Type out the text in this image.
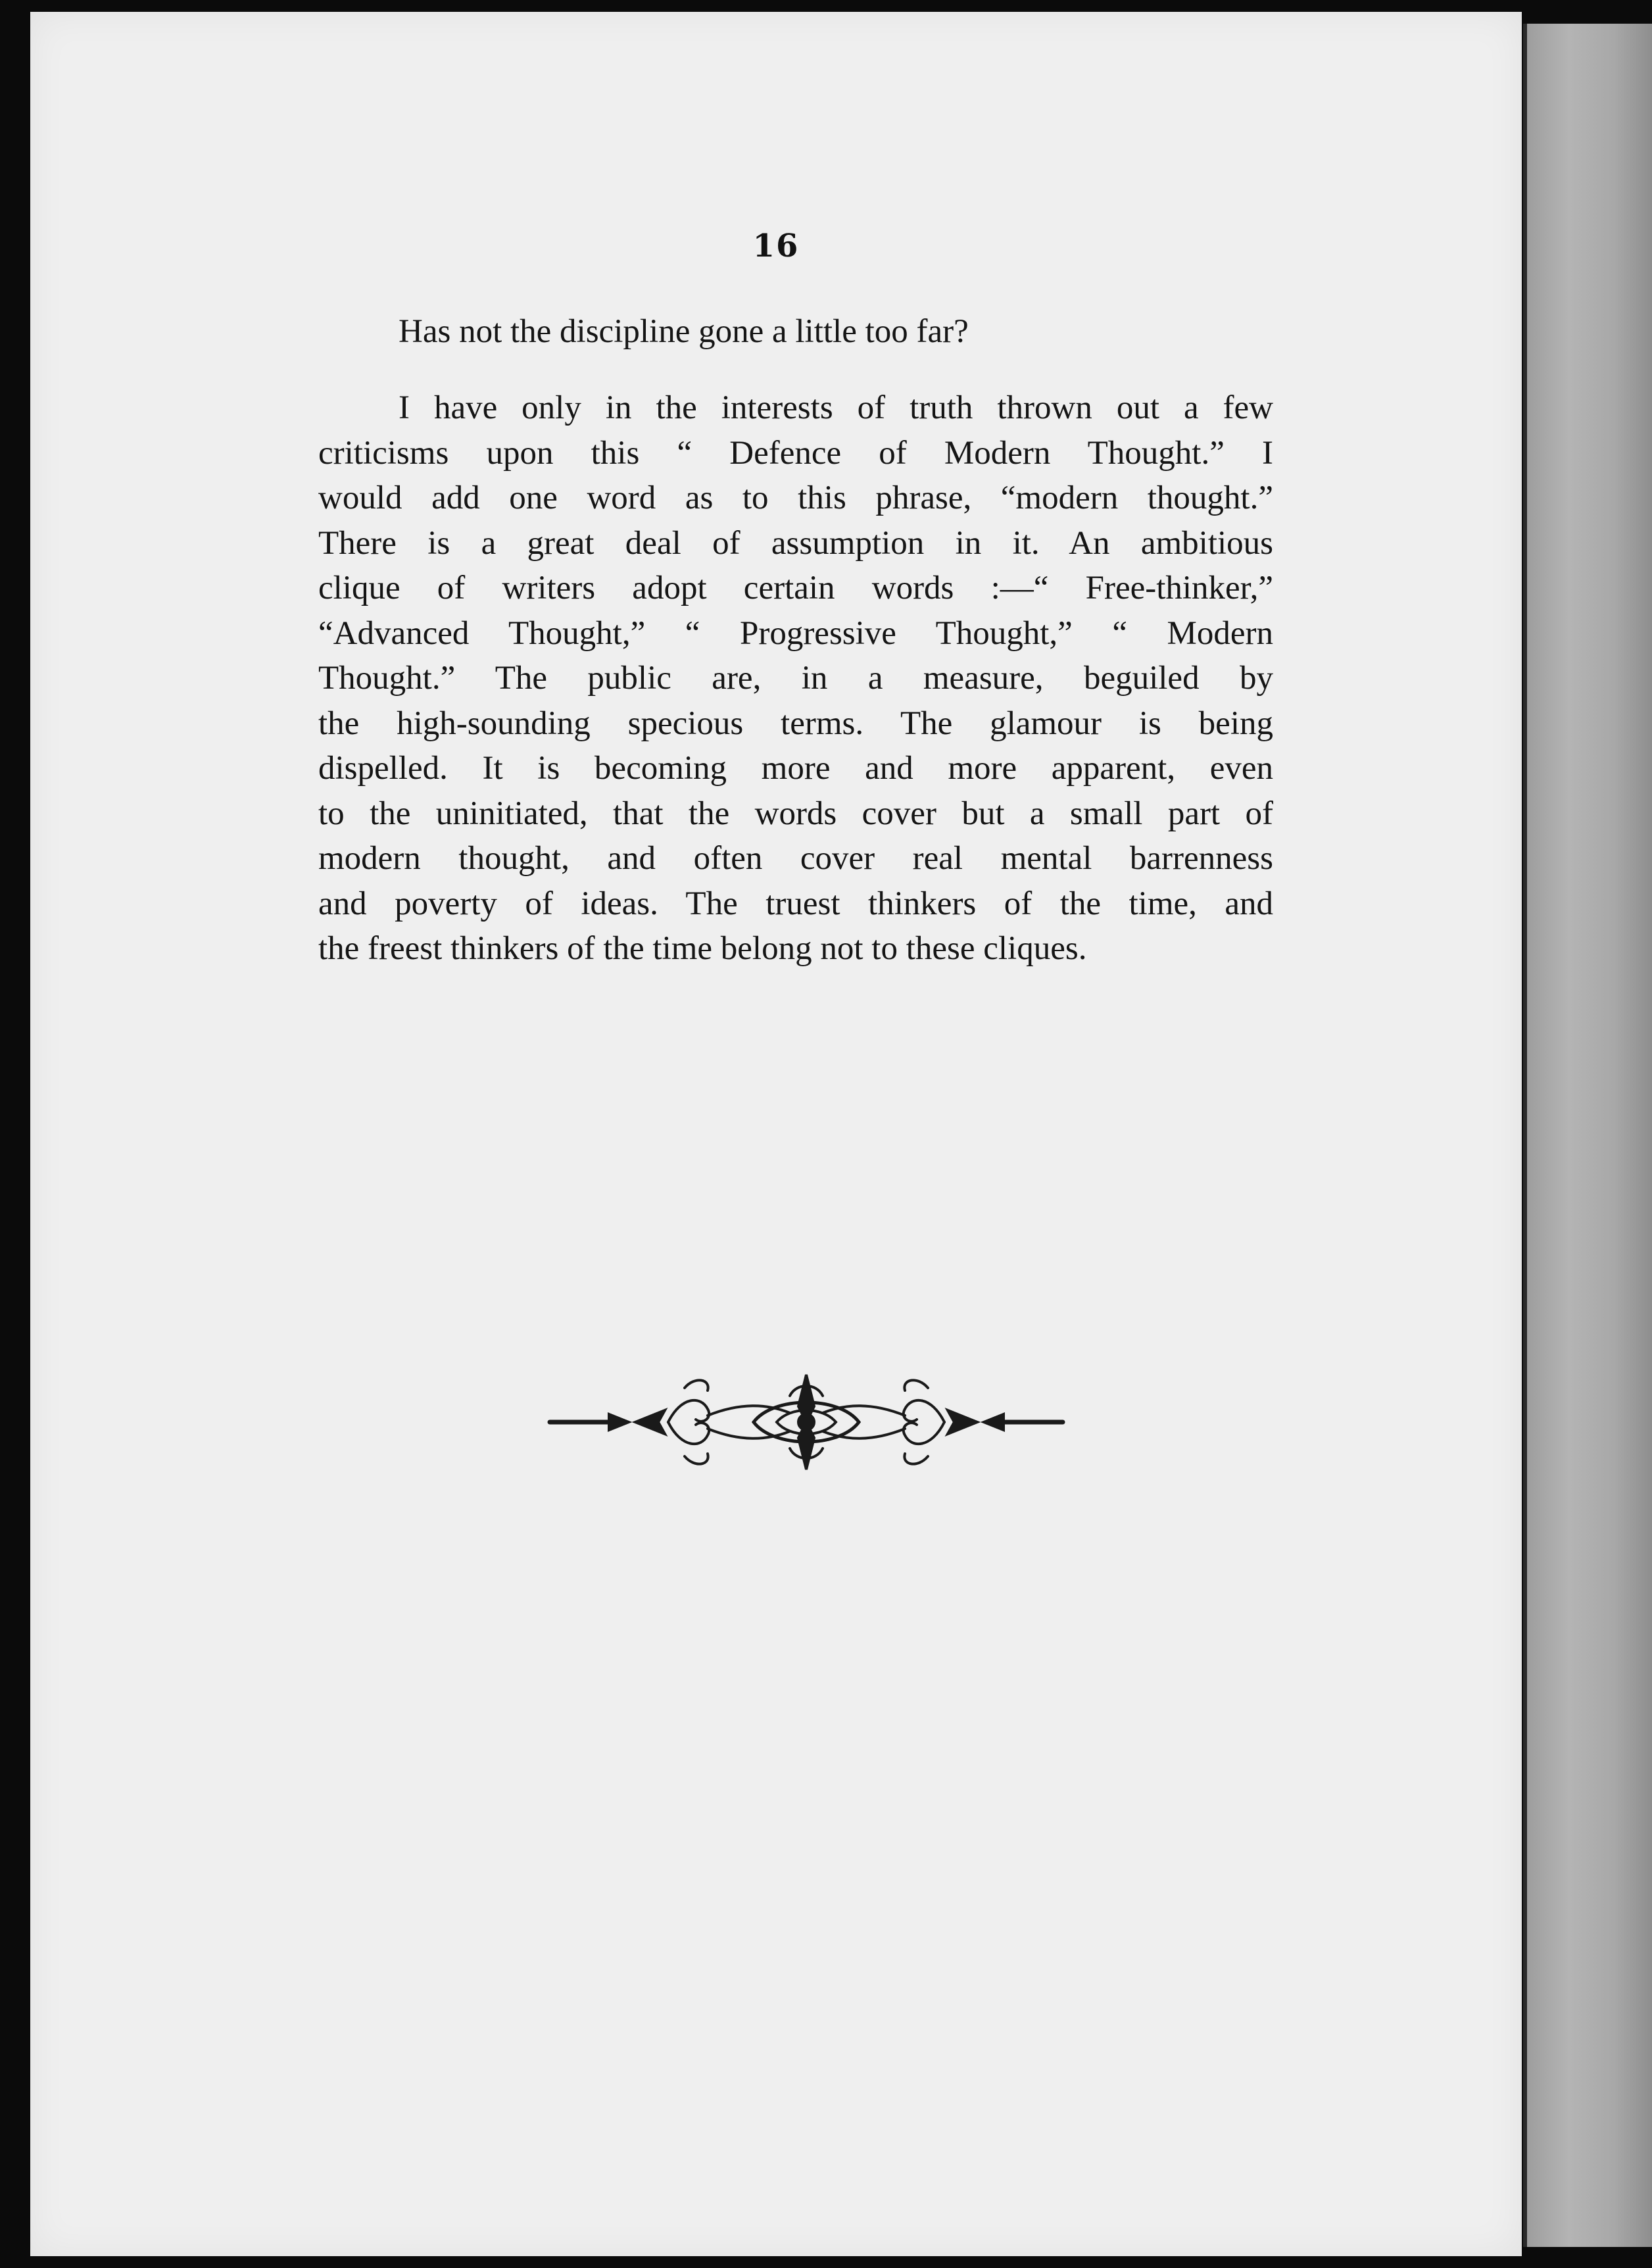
16
Has not the discipline gone a little too far?
I have only in the interests of truth thrown out a few
criticisms upon this “ Defence of Modern Thought.” I
would add one word as to this phrase, “modern thought.”
There is a great deal of assumption in it. An ambitious
clique of writers adopt certain words :—“ Free-thinker,”
“Advanced Thought,” “ Progressive Thought,” “ Modern
Thought.” The public are, in a measure, beguiled by
the high-sounding specious terms. The glamour is being
dispelled. It is becoming more and more apparent, even
to the uninitiated, that the words cover but a small part of
modern thought, and often cover real mental barrenness
and poverty of ideas. The truest thinkers of the time, and
the freest thinkers of the time belong not to these cliques.
